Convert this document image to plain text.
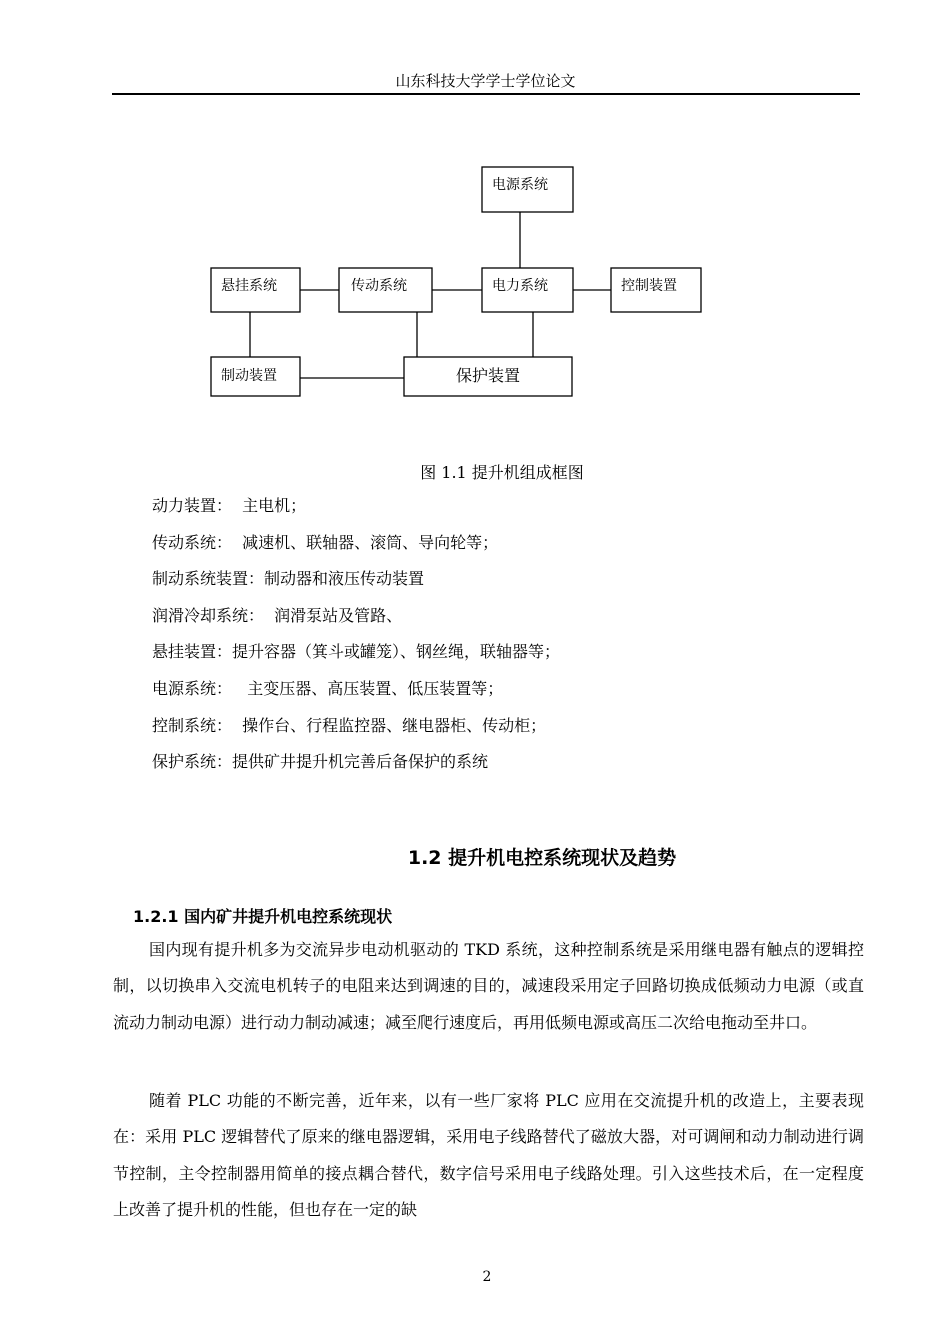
山东科技大学学士学位论文
电源系统
悬挂系统	传动系统	电力系统	控制装置
制动装置	保护装置
图 1.1 提升机组成框图
动力装置：  主电机；
传动系统：  减速机、联轴器、滚筒、导向轮等；
制动系统装置：制动器和液压传动装置
润滑冷却系统：  润滑泵站及管路、
悬挂装置：提升容器（箕斗或罐笼）、钢丝绳，联轴器等；
电源系统：   主变压器、高压装置、低压装置等；
控制系统：  操作台、行程监控器、继电器柜、传动柜；
保护系统：提供矿井提升机完善后备保护的系统
1.2 提升机电控系统现状及趋势
1.2.1 国内矿井提升机电控系统现状
国内现有提升机多为交流异步电动机驱动的 TKD 系统，这种控制系统是采用继电器有触点的逻辑控制，以切换串入交流电机转子的电阻来达到调速的目的，减速段采用定子回路切换成低频动力电源（或直流动力制动电源）进行动力制动减速；减至爬行速度后，再用低频电源或高压二次给电拖动至井口。
随着 PLC 功能的不断完善，近年来，以有一些厂家将 PLC 应用在交流提升机的改造上，主要表现在：采用 PLC 逻辑替代了原来的继电器逻辑，采用电子线路替代了磁放大器，对可调闸和动力制动进行调节控制，主令控制器用简单的接点耦合替代，数字信号采用电子线路处理。引入这些技术后，在一定程度上改善了提升机的性能，但也存在一定的缺
2
